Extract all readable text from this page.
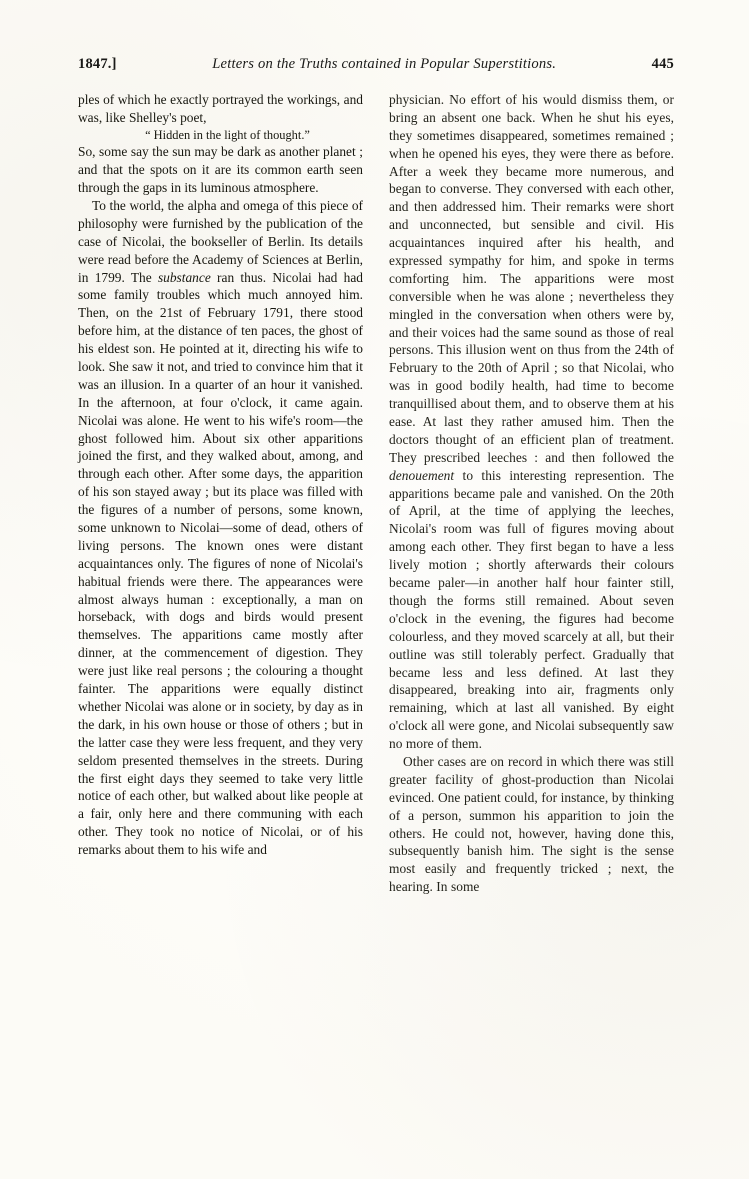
1847.]	Letters on the Truths contained in Popular Superstitions.	445

ples of which he exactly portrayed the workings, and was, like Shelley's poet,

“ Hidden in the light of thought.”

So, some say the sun may be dark as another planet ; and that the spots on it are its common earth seen through the gaps in its luminous atmosphere.

To the world, the alpha and omega of this piece of philosophy were furnished by the publication of the case of Nicolai, the bookseller of Berlin. Its details were read before the Academy of Sciences at Berlin, in 1799. The substance ran thus. Nicolai had had some family troubles which much annoyed him. Then, on the 21st of February 1791, there stood before him, at the distance of ten paces, the ghost of his eldest son. He pointed at it, directing his wife to look. She saw it not, and tried to convince him that it was an illusion. In a quarter of an hour it vanished. In the afternoon, at four o'clock, it came again. Nicolai was alone. He went to his wife's room—the ghost followed him. About six other apparitions joined the first, and they walked about, among, and through each other. After some days, the apparition of his son stayed away ; but its place was filled with the figures of a number of persons, some known, some unknown to Nicolai—some of dead, others of living persons. The known ones were distant acquaintances only. The figures of none of Nicolai's habitual friends were there. The appearances were almost always human : exceptionally, a man on horseback, with dogs and birds would present themselves. The apparitions came mostly after dinner, at the commencement of digestion. They were just like real persons ; the colouring a thought fainter. The apparitions were equally distinct whether Nicolai was alone or in society, by day as in the dark, in his own house or those of others ; but in the latter case they were less frequent, and they very seldom presented themselves in the streets. During the first eight days they seemed to take very little notice of each other, but walked about like people at a fair, only here and there communing with each other. They took no notice of Nicolai, or of his remarks about them to his wife and

physician. No effort of his would dismiss them, or bring an absent one back. When he shut his eyes, they sometimes disappeared, sometimes remained ; when he opened his eyes, they were there as before. After a week they became more numerous, and began to converse. They conversed with each other, and then addressed him. Their remarks were short and unconnected, but sensible and civil. His acquaintances inquired after his health, and expressed sympathy for him, and spoke in terms comforting him. The apparitions were most conversible when he was alone ; nevertheless they mingled in the conversation when others were by, and their voices had the same sound as those of real persons. This illusion went on thus from the 24th of February to the 20th of April ; so that Nicolai, who was in good bodily health, had time to become tranquillised about them, and to observe them at his ease. At last they rather amused him. Then the doctors thought of an efficient plan of treatment. They prescribed leeches : and then followed the denouement to this interesting represention. The apparitions became pale and vanished. On the 20th of April, at the time of applying the leeches, Nicolai's room was full of figures moving about among each other. They first began to have a less lively motion ; shortly afterwards their colours became paler—in another half hour fainter still, though the forms still remained. About seven o'clock in the evening, the figures had become colourless, and they moved scarcely at all, but their outline was still tolerably perfect. Gradually that became less and less defined. At last they disappeared, breaking into air, fragments only remaining, which at last all vanished. By eight o'clock all were gone, and Nicolai subsequently saw no more of them.

Other cases are on record in which there was still greater facility of ghost-production than Nicolai evinced. One patient could, for instance, by thinking of a person, summon his apparition to join the others. He could not, however, having done this, subsequently banish him. The sight is the sense most easily and frequently tricked ; next, the hearing. In some
